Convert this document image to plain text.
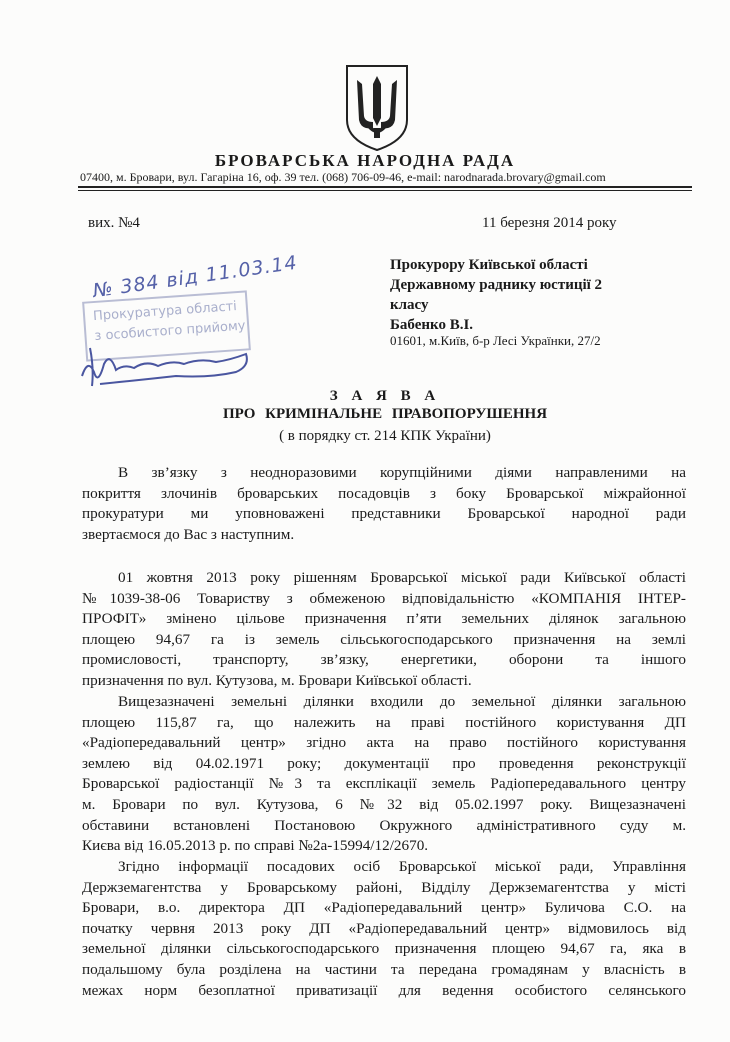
БРОВАРСЬКА НАРОДНА РАДА
07400, м. Бровари, вул. Гагаріна 16, оф. 39 тел. (068) 706-09-46, e-mail: narodnarada.brovary@gmail.com
вих. №4	11 березня 2014 року
№ 384 від 11.03.14
Прокуратура області
з особистого прийому
Прокурору Київської області
Державному раднику юстиції 2
класу
Бабенко В.І.
01601, м.Київ, б-р Лесі Українки, 27/2
З А Я В А
ПРО КРИМІНАЛЬНЕ ПРАВОПОРУШЕННЯ
( в порядку ст. 214 КПК України)
В зв’язку з неодноразовими корупційними діями направленими на
покриття злочинів броварських посадовців з боку Броварської міжрайонної
прокуратури ми уповноважені представники Броварської народної ради
звертаємося до Вас з наступним.
01 жовтня 2013 року рішенням Броварської міської ради Київської області
№1039-38-06 Товариству з обмеженою відповідальністю «КОМПАНІЯ ІНТЕР-
ПРОФІТ» змінено цільове призначення п’яти земельних ділянок загальною
площею 94,67 га із земель сільськогосподарського призначення на землі
промисловості, транспорту, зв’язку, енергетики, оборони та іншого
призначення по вул. Кутузова, м. Бровари Київської області.
Вищезазначені земельні ділянки входили до земельної ділянки загальною
площею 115,87 га, що належить на праві постійного користування ДП
«Радіопередавальний центр» згідно акта на право постійного користування
землею від 04.02.1971 року; документації про проведення реконструкції
Броварської радіостанції №3 та експлікації земель Радіопередавального центру
м. Бровари по вул. Кутузова, 6 №32 від 05.02.1997 року. Вищезазначені
обставини встановлені Постановою Окружного адміністративного суду м.
Києва від 16.05.2013 р. по справі №2а-15994/12/2670.
Згідно інформації посадових осіб Броварської міської ради, Управління
Держземагентства у Броварському районі, Відділу Держземагентства у місті
Бровари, в.о. директора ДП «Радіопередавальний центр» Буличова С.О. на
початку червня 2013 року ДП «Радіопередавальний центр» відмовилось від
земельної ділянки сільськогосподарського призначення площею 94,67 га, яка в
подальшому була розділена на частини та передана громадянам у власність в
межах норм безоплатної приватизації для ведення особистого селянського
